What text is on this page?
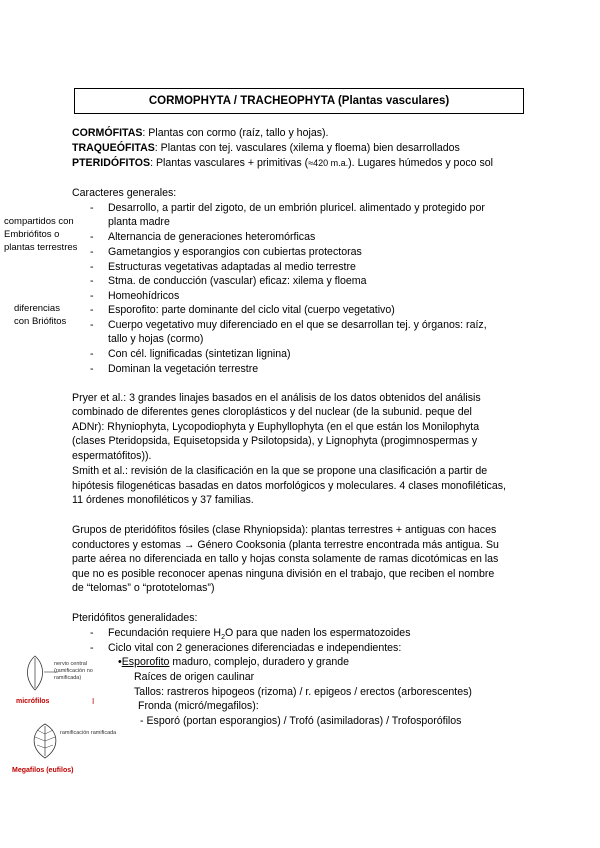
CORMOPHYTA / TRACHEOPHYTA (Plantas vasculares)
CORMÓFITAS: Plantas con cormo (raíz, tallo y hojas).
TRAQUEÓFITAS: Plantas con tej. vasculares (xilema y floema) bien desarrollados
PTERIDÓFITOS: Plantas vasculares + primitivas (≈420 m.a.). Lugares húmedos y poco sol
Caracteres generales:
- Desarrollo, a partir del zigoto, de un embrión pluricel. alimentado y protegido por
planta madre
- Alternancia de generaciones heteromórficas
- Gametangios y esporangios con cubiertas protectoras
- Estructuras vegetativas adaptadas al medio terrestre
- Stma. de conducción (vascular) eficaz: xilema y floema
- Homeohídricos
- Esporofito: parte dominante del ciclo vital (cuerpo vegetativo)
- Cuerpo vegetativo muy diferenciado en el que se desarrollan tej. y órganos: raíz,
tallo y hojas (cormo)
- Con cél. lignificadas (sintetizan lignina)
- Dominan la vegetación terrestre
compartidos con
Embriófitos o
plantas terrestres
diferencias
con Briófitos
Pryer et al.: 3 grandes linajes basados en el análisis de los datos obtenidos del análisis
combinado de diferentes genes cloroplásticos y del nuclear (de la subunid. peque del
ADNr): Rhyniophyta, Lycopodiophyta y Euphyllophyta (en el que están los Monilophyta
(clases Pteridopsida, Equisetopsida y Psilotopsida), y Lignophyta (progimnospermas y
espermatófitos)).
Smith et al.: revisión de la clasificación en la que se propone una clasificación a partir de
hipótesis filogenéticas basadas en datos morfológicos y moleculares. 4 clases monofiléticas,
11 órdenes monofiléticos y 37 familias.
Grupos de pteridófitos fósiles (clase Rhyniopsida): plantas terrestres + antiguas con haces
conductores y estomas → Género Cooksonia (planta terrestre encontrada más antigua. Su
parte aérea no diferenciada en tallo y hojas consta solamente de ramas dicotómicas en las
que no es posible reconocer apenas ninguna división en el trabajo, que reciben el nombre
de “telomas” o “prototelomas”)
Pteridófitos generalidades:
- Fecundación requiere $H_2O$ para que naden los espermatozoides
- Ciclo vital con 2 generaciones diferenciadas e independientes:
•Esporofito maduro, complejo, duradero y grande
Raíces de origen caulinar
Tallos: rastreros hipogeos (rizoma) / r. epigeos / erectos (arborescentes)
Fronda (micró/megafilos):
- Esporó (portan esporangios) / Trofó (asimiladoras) / Trofosporófilos
nervio central
(ramificación no
ramificada)
micrófilos	I
ramificación ramificada
Megafilos (eufilos)
